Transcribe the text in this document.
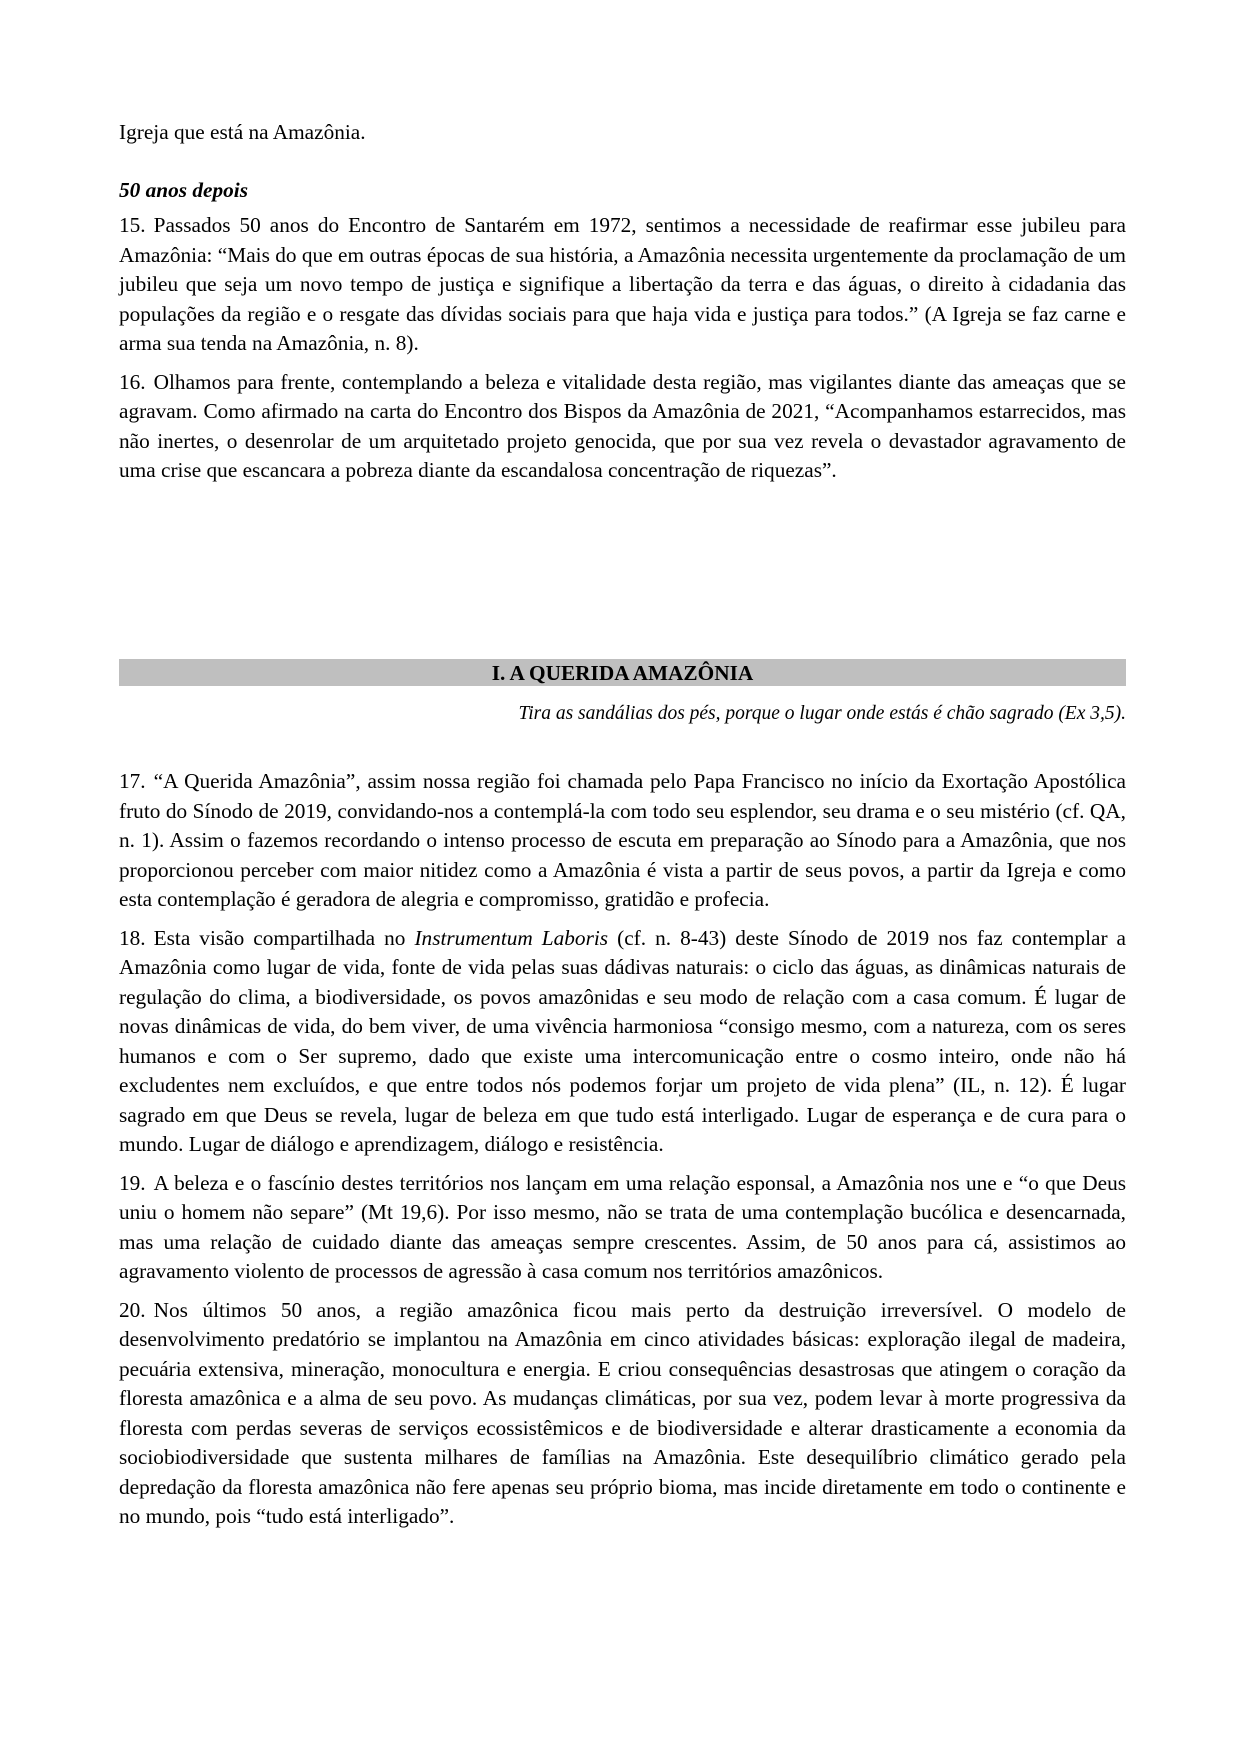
Igreja que está na Amazônia.

50 anos depois

15. Passados 50 anos do Encontro de Santarém em 1972, sentimos a necessidade de reafirmar esse jubileu para Amazônia: “Mais do que em outras épocas de sua história, a Amazônia necessita urgentemente da proclamação de um jubileu que seja um novo tempo de justiça e signifique a libertação da terra e das águas, o direito à cidadania das populações da região e o resgate das dívidas sociais para que haja vida e justiça para todos.” (A Igreja se faz carne e arma sua tenda na Amazônia, n. 8).

16. Olhamos para frente, contemplando a beleza e vitalidade desta região, mas vigilantes diante das ameaças que se agravam. Como afirmado na carta do Encontro dos Bispos da Amazônia de 2021, “Acompanhamos estarrecidos, mas não inertes, o desenrolar de um arquitetado projeto genocida, que por sua vez revela o devastador agravamento de uma crise que escancara a pobreza diante da escandalosa concentração de riquezas”.

I. A QUERIDA AMAZÔNIA
Tira as sandálias dos pés, porque o lugar onde estás é chão sagrado (Ex 3,5).

17. “A Querida Amazônia”, assim nossa região foi chamada pelo Papa Francisco no início da Exortação Apostólica fruto do Sínodo de 2019, convidando-nos a contemplá-la com todo seu esplendor, seu drama e o seu mistério (cf. QA, n. 1). Assim o fazemos recordando o intenso processo de escuta em preparação ao Sínodo para a Amazônia, que nos proporcionou perceber com maior nitidez como a Amazônia é vista a partir de seus povos, a partir da Igreja e como esta contemplação é geradora de alegria e compromisso, gratidão e profecia.

18. Esta visão compartilhada no Instrumentum Laboris (cf. n. 8-43) deste Sínodo de 2019 nos faz contemplar a Amazônia como lugar de vida, fonte de vida pelas suas dádivas naturais: o ciclo das águas, as dinâmicas naturais de regulação do clima, a biodiversidade, os povos amazônidas e seu modo de relação com a casa comum. É lugar de novas dinâmicas de vida, do bem viver, de uma vivência harmoniosa “consigo mesmo, com a natureza, com os seres humanos e com o Ser supremo, dado que existe uma intercomunicação entre o cosmo inteiro, onde não há excludentes nem excluídos, e que entre todos nós podemos forjar um projeto de vida plena” (IL, n. 12). É lugar sagrado em que Deus se revela, lugar de beleza em que tudo está interligado. Lugar de esperança e de cura para o mundo. Lugar de diálogo e aprendizagem, diálogo e resistência.

19. A beleza e o fascínio destes territórios nos lançam em uma relação esponsal, a Amazônia nos une e “o que Deus uniu o homem não separe” (Mt 19,6). Por isso mesmo, não se trata de uma contemplação bucólica e desencarnada, mas uma relação de cuidado diante das ameaças sempre crescentes. Assim, de 50 anos para cá, assistimos ao agravamento violento de processos de agressão à casa comum nos territórios amazônicos.

20. Nos últimos 50 anos, a região amazônica ficou mais perto da destruição irreversível. O modelo de desenvolvimento predatório se implantou na Amazônia em cinco atividades básicas: exploração ilegal de madeira, pecuária extensiva, mineração, monocultura e energia. E criou consequências desastrosas que atingem o coração da floresta amazônica e a alma de seu povo. As mudanças climáticas, por sua vez, podem levar à morte progressiva da floresta com perdas severas de serviços ecossistêmicos e de biodiversidade e alterar drasticamente a economia da sociobiodiversidade que sustenta milhares de famílias na Amazônia. Este desequilíbrio climático gerado pela depredação da floresta amazônica não fere apenas seu próprio bioma, mas incide diretamente em todo o continente e no mundo, pois “tudo está interligado”.
